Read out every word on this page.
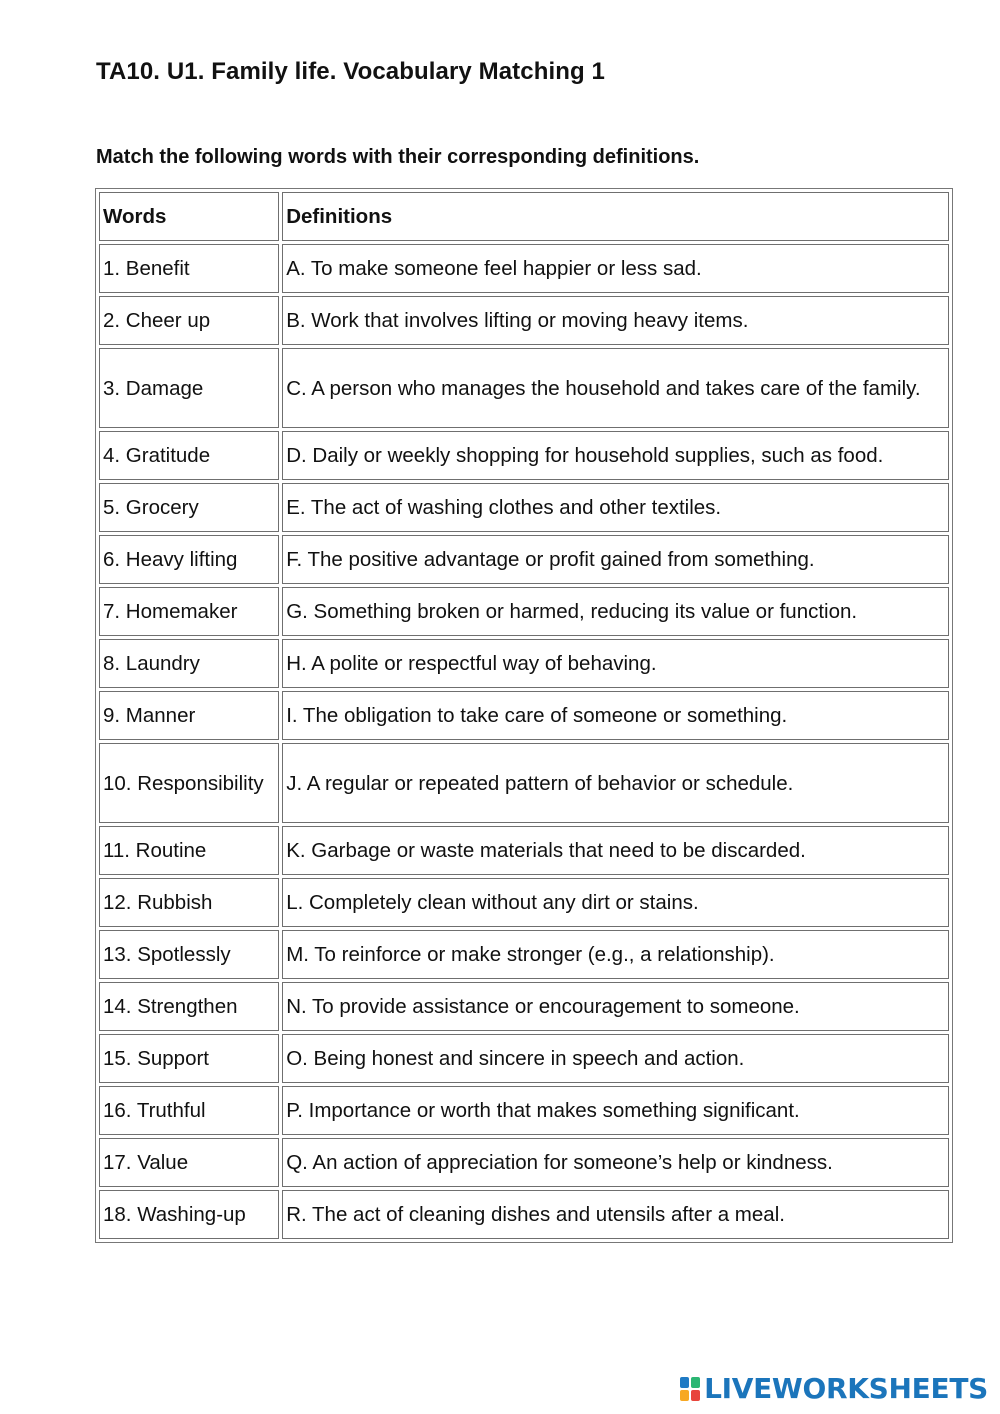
TA10. U1. Family life. Vocabulary Matching 1

Match the following words with their corresponding definitions.

Words	Definitions
1. Benefit	A. To make someone feel happier or less sad.
2. Cheer up	B. Work that involves lifting or moving heavy items.
3. Damage	C. A person who manages the household and takes care of the family.
4. Gratitude	D. Daily or weekly shopping for household supplies, such as food.
5. Grocery	E. The act of washing clothes and other textiles.
6. Heavy lifting	F. The positive advantage or profit gained from something.
7. Homemaker	G. Something broken or harmed, reducing its value or function.
8. Laundry	H. A polite or respectful way of behaving.
9. Manner	I. The obligation to take care of someone or something.
10. Responsibility	J. A regular or repeated pattern of behavior or schedule.
11. Routine	K. Garbage or waste materials that need to be discarded.
12. Rubbish	L. Completely clean without any dirt or stains.
13. Spotlessly	M. To reinforce or make stronger (e.g., a relationship).
14. Strengthen	N. To provide assistance or encouragement to someone.
15. Support	O. Being honest and sincere in speech and action.
16. Truthful	P. Importance or worth that makes something significant.
17. Value	Q. An action of appreciation for someone’s help or kindness.
18. Washing-up	R. The act of cleaning dishes and utensils after a meal.
LIVEWORKSHEETS
